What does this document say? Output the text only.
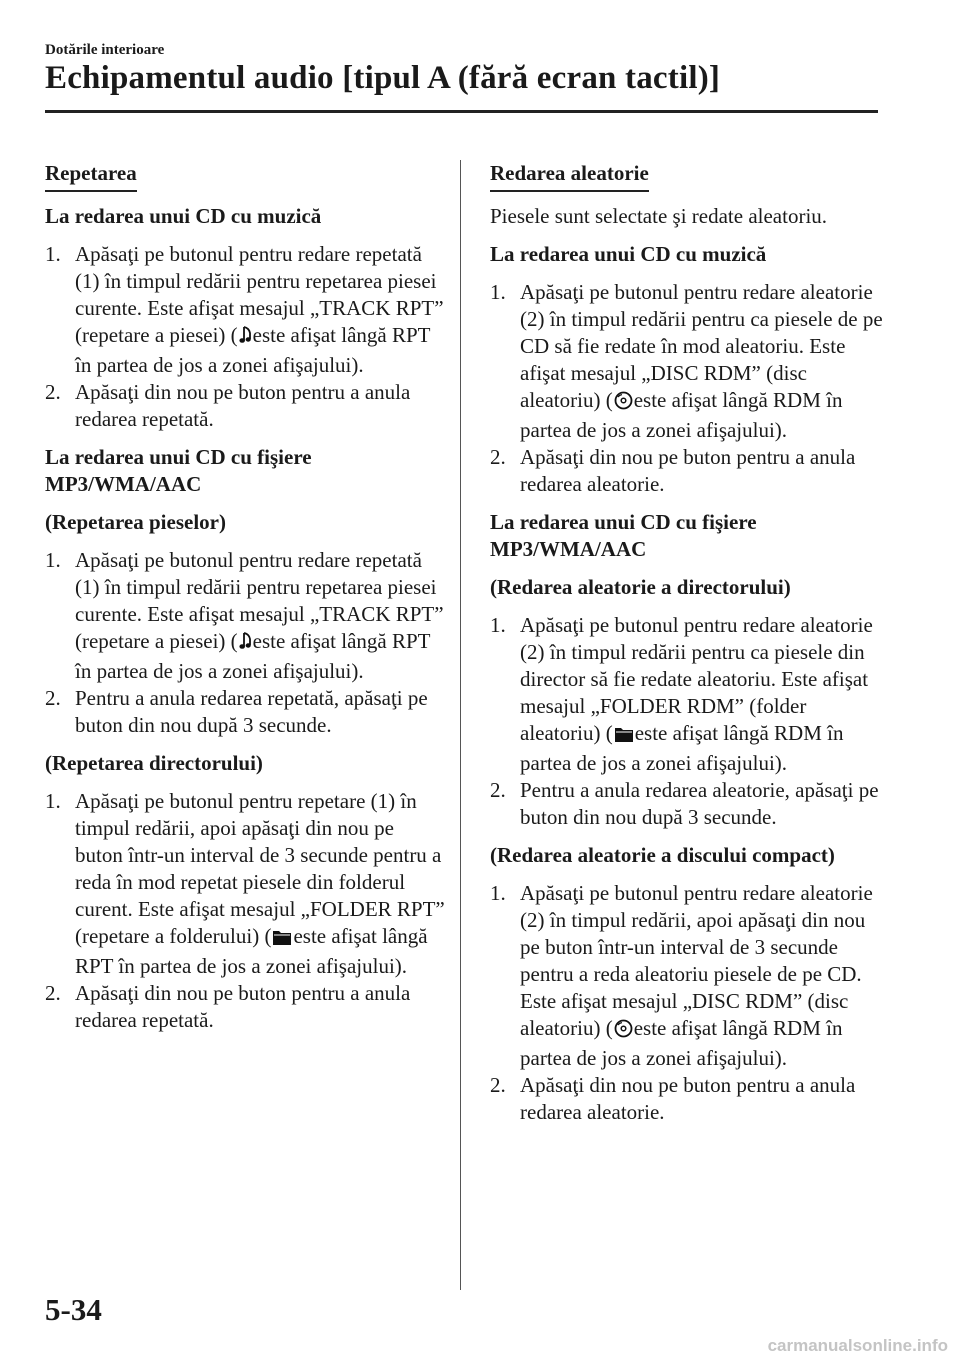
Dotările interioare
Echipamentul audio [tipul A (fără ecran tactil)]
Repetarea

La redarea unui CD cu muzică

1. Apăsaţi pe butonul pentru redare repetată (1) în timpul redării pentru repetarea piesei curente. Este afişat mesajul „TRACK RPT” (repetare a piesei) ( este afişat lângă RPT în partea de jos a zonei afişajului).
2. Apăsaţi din nou pe buton pentru a anula redarea repetată.

La redarea unui CD cu fişiere MP3/WMA/AAC

(Repetarea pieselor)

1. Apăsaţi pe butonul pentru redare repetată (1) în timpul redării pentru repetarea piesei curente. Este afişat mesajul „TRACK RPT” (repetare a piesei) ( este afişat lângă RPT în partea de jos a zonei afişajului).
2. Pentru a anula redarea repetată, apăsaţi pe buton din nou după 3 secunde.

(Repetarea directorului)

1. Apăsaţi pe butonul pentru repetare (1) în timpul redării, apoi apăsaţi din nou pe buton într-un interval de 3 secunde pentru a reda în mod repetat piesele din folderul curent. Este afişat mesajul „FOLDER RPT” (repetare a folderului) ( este afişat lângă RPT în partea de jos a zonei afişajului).
2. Apăsaţi din nou pe buton pentru a anula redarea repetată.
Redarea aleatorie

Piesele sunt selectate şi redate aleatoriu.

La redarea unui CD cu muzică

1. Apăsaţi pe butonul pentru redare aleatorie (2) în timpul redării pentru ca piesele de pe CD să fie redate în mod aleatoriu. Este afişat mesajul „DISC RDM” (disc aleatoriu) ( este afişat lângă RDM în partea de jos a zonei afişajului).
2. Apăsaţi din nou pe buton pentru a anula redarea aleatorie.

La redarea unui CD cu fişiere MP3/WMA/AAC

(Redarea aleatorie a directorului)

1. Apăsaţi pe butonul pentru redare aleatorie (2) în timpul redării pentru ca piesele din director să fie redate aleatoriu. Este afişat mesajul „FOLDER RDM” (folder aleatoriu) ( este afişat lângă RDM în partea de jos a zonei afişajului).
2. Pentru a anula redarea aleatorie, apăsaţi pe buton din nou după 3 secunde.

(Redarea aleatorie a discului compact)

1. Apăsaţi pe butonul pentru redare aleatorie (2) în timpul redării, apoi apăsaţi din nou pe buton într-un interval de 3 secunde pentru a reda aleatoriu piesele de pe CD. Este afişat mesajul „DISC RDM” (disc aleatoriu) ( este afişat lângă RDM în partea de jos a zonei afişajului).
2. Apăsaţi din nou pe buton pentru a anula redarea aleatorie.
5-34
carmanualsonline.info
